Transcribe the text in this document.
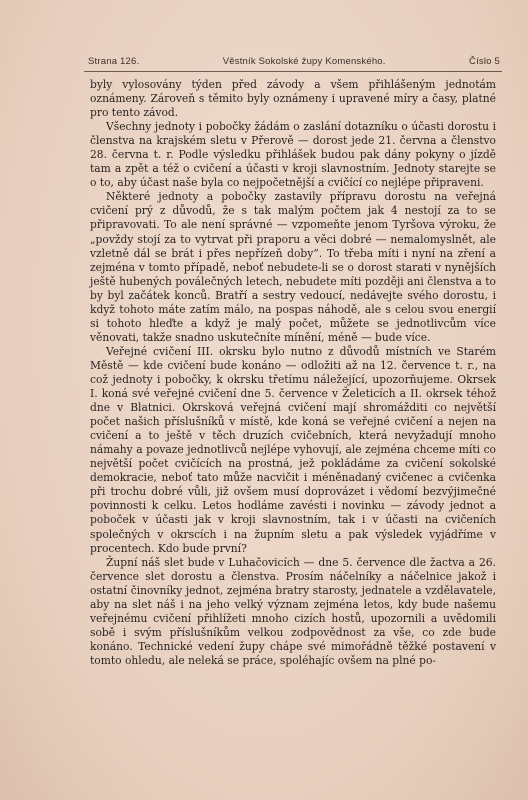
Strana 126.	Věstník Sokolské župy Komenského.	Číslo 5

byly vylosovány týden před závody a všem přihlášeným jednotám oznámeny. Zároveň s těmito byly oznámeny i upravené míry a časy, platné pro tento závod.

Všechny jednoty i pobočky žádám o zaslání dotazníku o účasti dorostu i členstva na krajském sletu v Přerově — dorost jede 21. června a členstvo 28. června t. r. Podle výsledku přihlášek budou pak dány pokyny o jízdě tam a zpět a též o cvičení a účasti v kroji slavnostním. Jednoty starejte se o to, aby účast naše byla co nejpočetnější a cvičící co nejlépe připraveni.

Některé jednoty a pobočky zastavily přípravu dorostu na veřejná cvičení prý z důvodů, že s tak malým počtem jak 4 nestojí za to se připravovati. To ale není správné — vzpomeňte jenom Tyršova výroku, že „povždy stojí za to vytrvat při praporu a věci dobré — nemalomyslnět, ale vzletně dál se brát i přes nepřízeň doby“. To třeba míti i nyní na zření a zejména v tomto případě, neboť nebudete-li se o dorost starati v nynějších ještě hubených poválečných letech, nebudete míti později ani členstva a to by byl začátek konců. Bratří a sestry vedoucí, nedávejte svého dorostu, i když tohoto máte zatím málo, na pospas náhodě, ale s celou svou energií si tohoto hleďte a když je malý počet, můžete se jednotlivcům více věnovati, takže snadno uskutečníte mínění, méně — bude více.

Veřejné cvičení III. okrsku bylo nutno z důvodů místních ve Starém Městě — kde cvičení bude konáno — odložiti až na 12. července t. r., na což jednoty i pobočky, k okrsku třetímu náležející, upozorňujeme. Okrsek I. koná své veřejné cvičení dne 5. července v Želeticích a II. okrsek téhož dne v Blatnici. Okrsková veřejná cvičení mají shromážditi co největší počet našich příslušníků v místě, kde koná se veřejné cvičení a nejen na cvičení a to ještě v těch druzích cvičebních, která nevyžadují mnoho námahy a povaze jednotlivců nejlépe vyhovují, ale zejména chceme míti co největší počet cvičících na prostná, jež pokládáme za cvičení sokolské demokracie, neboť tato může nacvičit i méněnadaný cvičenec a cvičenka při trochu dobré vůli, již ovšem musí doprovázet i vědomí bezvýjimečné povinnosti k celku. Letos hodláme zavésti i novinku — závody jednot a poboček v účasti jak v kroji slavnostním, tak i v účasti na cvičeních společných v okrscích i na župním sletu a pak výsledek vyjádříme v procentech. Kdo bude první?

Župní náš slet bude v Luhačovicích — dne 5. července dle žactva a 26. července slet dorostu a členstva. Prosím náčelníky a náčelnice jakož i ostatní činovníky jednot, zejména bratry starosty, jednatele a vzdělavatele, aby na slet náš i na jeho velký význam zejména letos, kdy bude našemu veřejnému cvičení přihlížeti mnoho cizích hostů, upozornili a uvědomili sobě i svým příslušníkům velkou zodpovědnost za vše, co zde bude konáno. Technické vedení župy chápe své mimořádně těžké postavení v tomto ohledu, ale neleká se práce, spoléhajíc ovšem na plné po-
